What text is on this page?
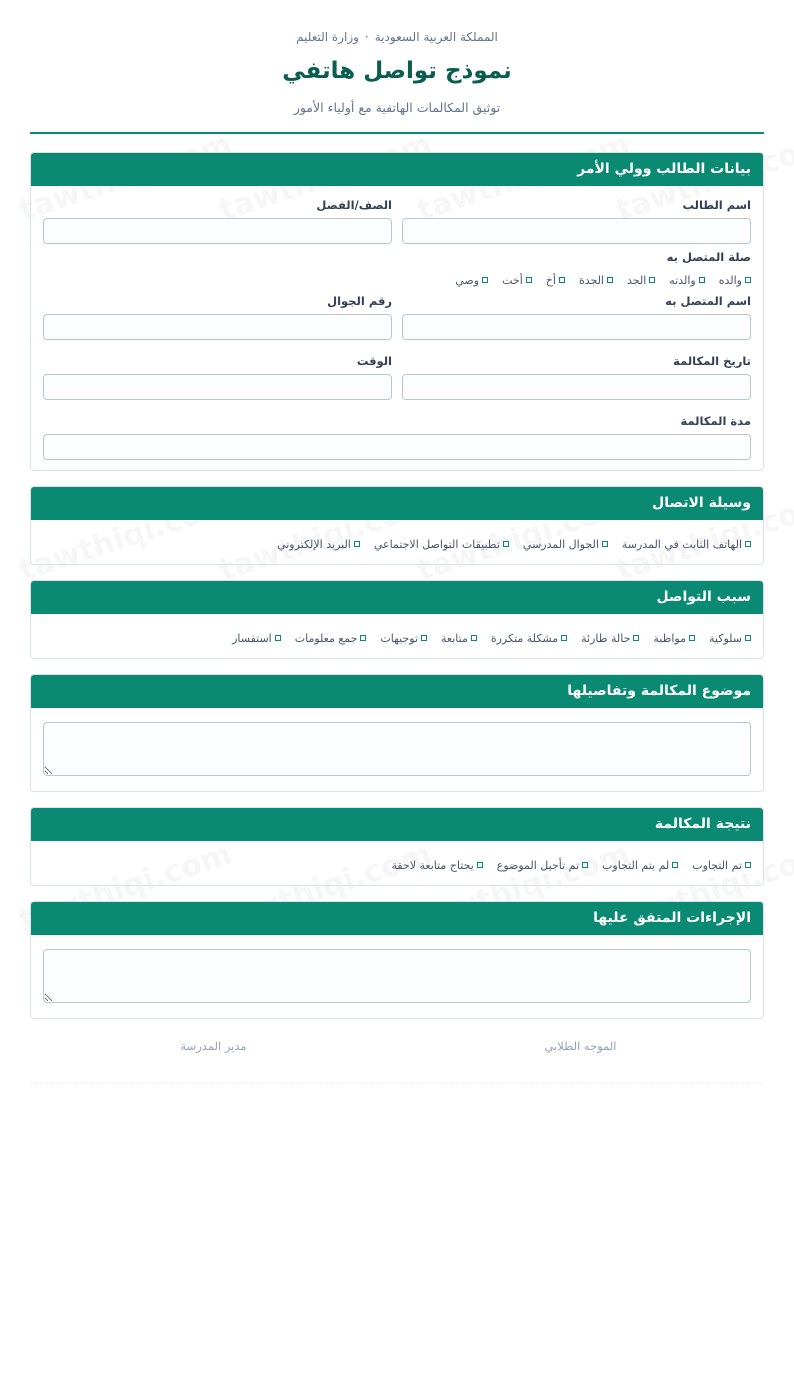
المملكة العربية السعودية·وزارة التعليم
نموذج تواصل هاتفي
توثيق المكالمات الهاتفية مع أولياء الأمور
بيانات الطالب وولي الأمر
اسم الطالب
الصف/الفصل
صلة المتصل به
والده
والدته
الجد
الجدة
أخ
أخت
وصي
اسم المتصل به
رقم الجوال
تاريخ المكالمة
الوقت
مدة المكالمة
وسيلة الاتصال
الهاتف الثابت في المدرسة
الجوال المدرسي
تطبيقات التواصل الاجتماعي
البريد الإلكتروني
سبب التواصل
سلوكية
مواظبة
حالة طارئة
مشكلة متكررة
متابعة
توجيهات
جمع معلومات
استفسار
موضوع المكالمة وتفاصيلها
نتيجة المكالمة
تم التجاوب
لم يتم التجاوب
تم تأجيل الموضوع
يحتاج متابعة لاحقة
الإجراءات المتفق عليها
الموجه الطلابي
مدير المدرسة
